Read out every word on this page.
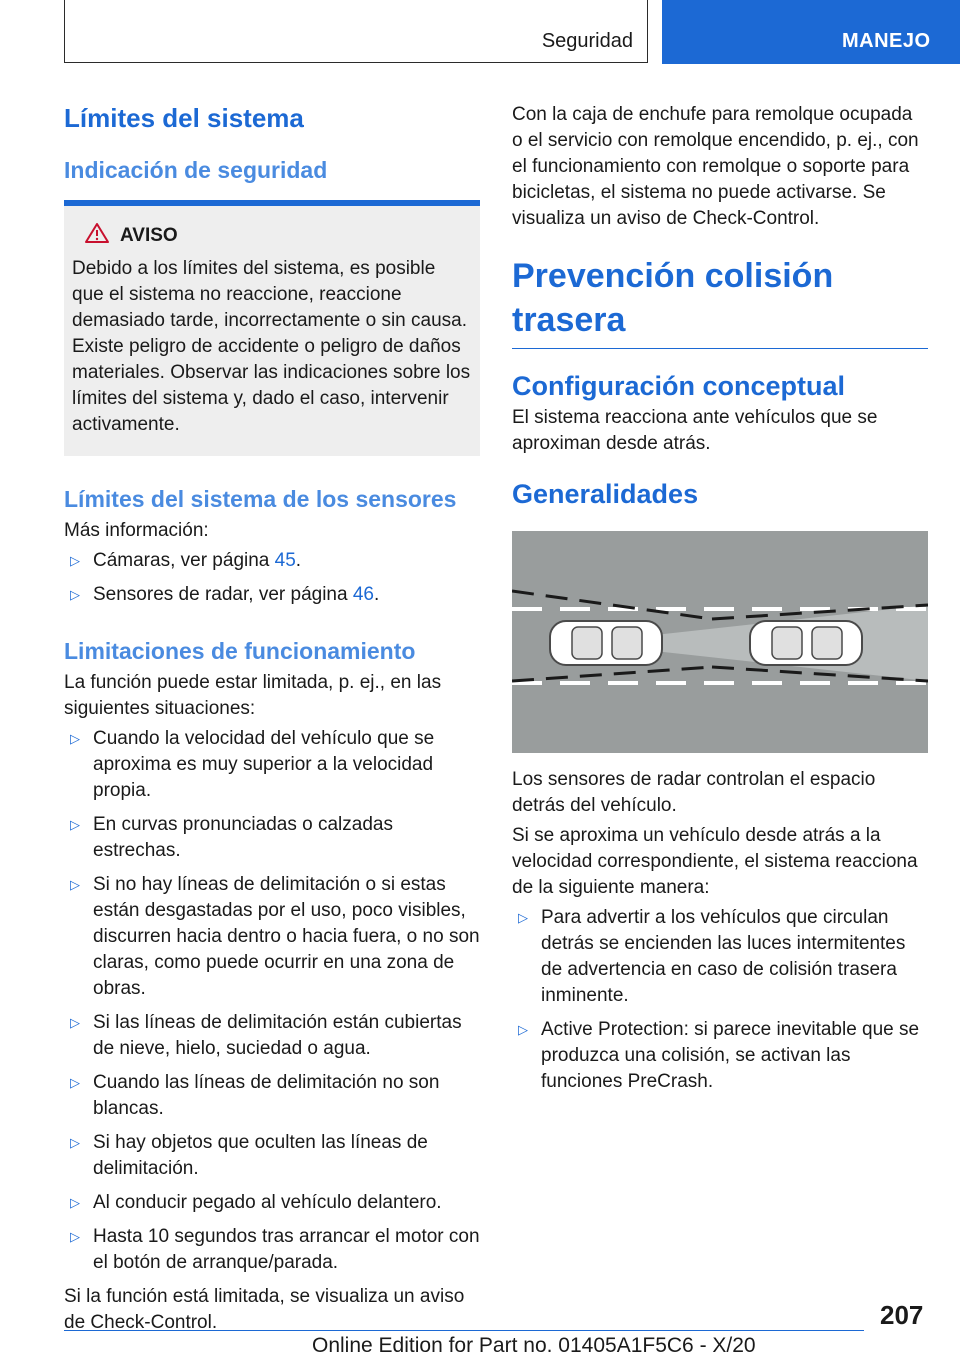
Seguridad	MANEJO
Límites del sistema
Indicación de seguridad
AVISO
Debido a los límites del sistema, es posible que el sistema no reaccione, reaccione demasiado tarde, incorrectamente o sin causa. Existe peligro de accidente o peligro de daños materiales. Observar las indicaciones sobre los límites del sistema y, dado el caso, intervenir activamente.
Límites del sistema de los sensores

Más información:

▷ Cámaras, ver página 45.
▷ Sensores de radar, ver página 46.
Limitaciones de funcionamiento

La función puede estar limitada, p. ej., en las siguientes situaciones:

▷ Cuando la velocidad del vehículo que se aproxima es muy superior a la velocidad propia.
▷ En curvas pronunciadas o calzadas estrechas.
▷ Si no hay líneas de delimitación o si estas están desgastadas por el uso, poco visibles, discurren hacia dentro o hacia fuera, o no son claras, como puede ocurrir en una zona de obras.
▷ Si las líneas de delimitación están cubiertas de nieve, hielo, suciedad o agua.
▷ Cuando las líneas de delimitación no son blancas.
▷ Si hay objetos que oculten las líneas de delimitación.
▷ Al conducir pegado al vehículo delantero.
▷ Hasta 10 segundos tras arrancar el motor con el botón de arranque/parada.

Si la función está limitada, se visualiza un aviso de Check-Control.

Con la caja de enchufe para remolque ocupada o el servicio con remolque encendido, p. ej., con el funcionamiento con remolque o soporte para bicicletas, el sistema no puede activarse. Se visualiza un aviso de Check-Control.

Prevención colisión trasera
Configuración conceptual

El sistema reacciona ante vehículos que se aproximan desde atrás.

Generalidades

Los sensores de radar controlan el espacio detrás del vehículo.

Si se aproxima un vehículo desde atrás a la velocidad correspondiente, el sistema reacciona de la siguiente manera:

▷ Para advertir a los vehículos que circulan detrás se encienden las luces intermitentes de advertencia en caso de colisión trasera inminente.
▷ Active Protection: si parece inevitable que se produzca una colisión, se activan las funciones PreCrash.
207
Online Edition for Part no. 01405A1F5C6 - X/20
